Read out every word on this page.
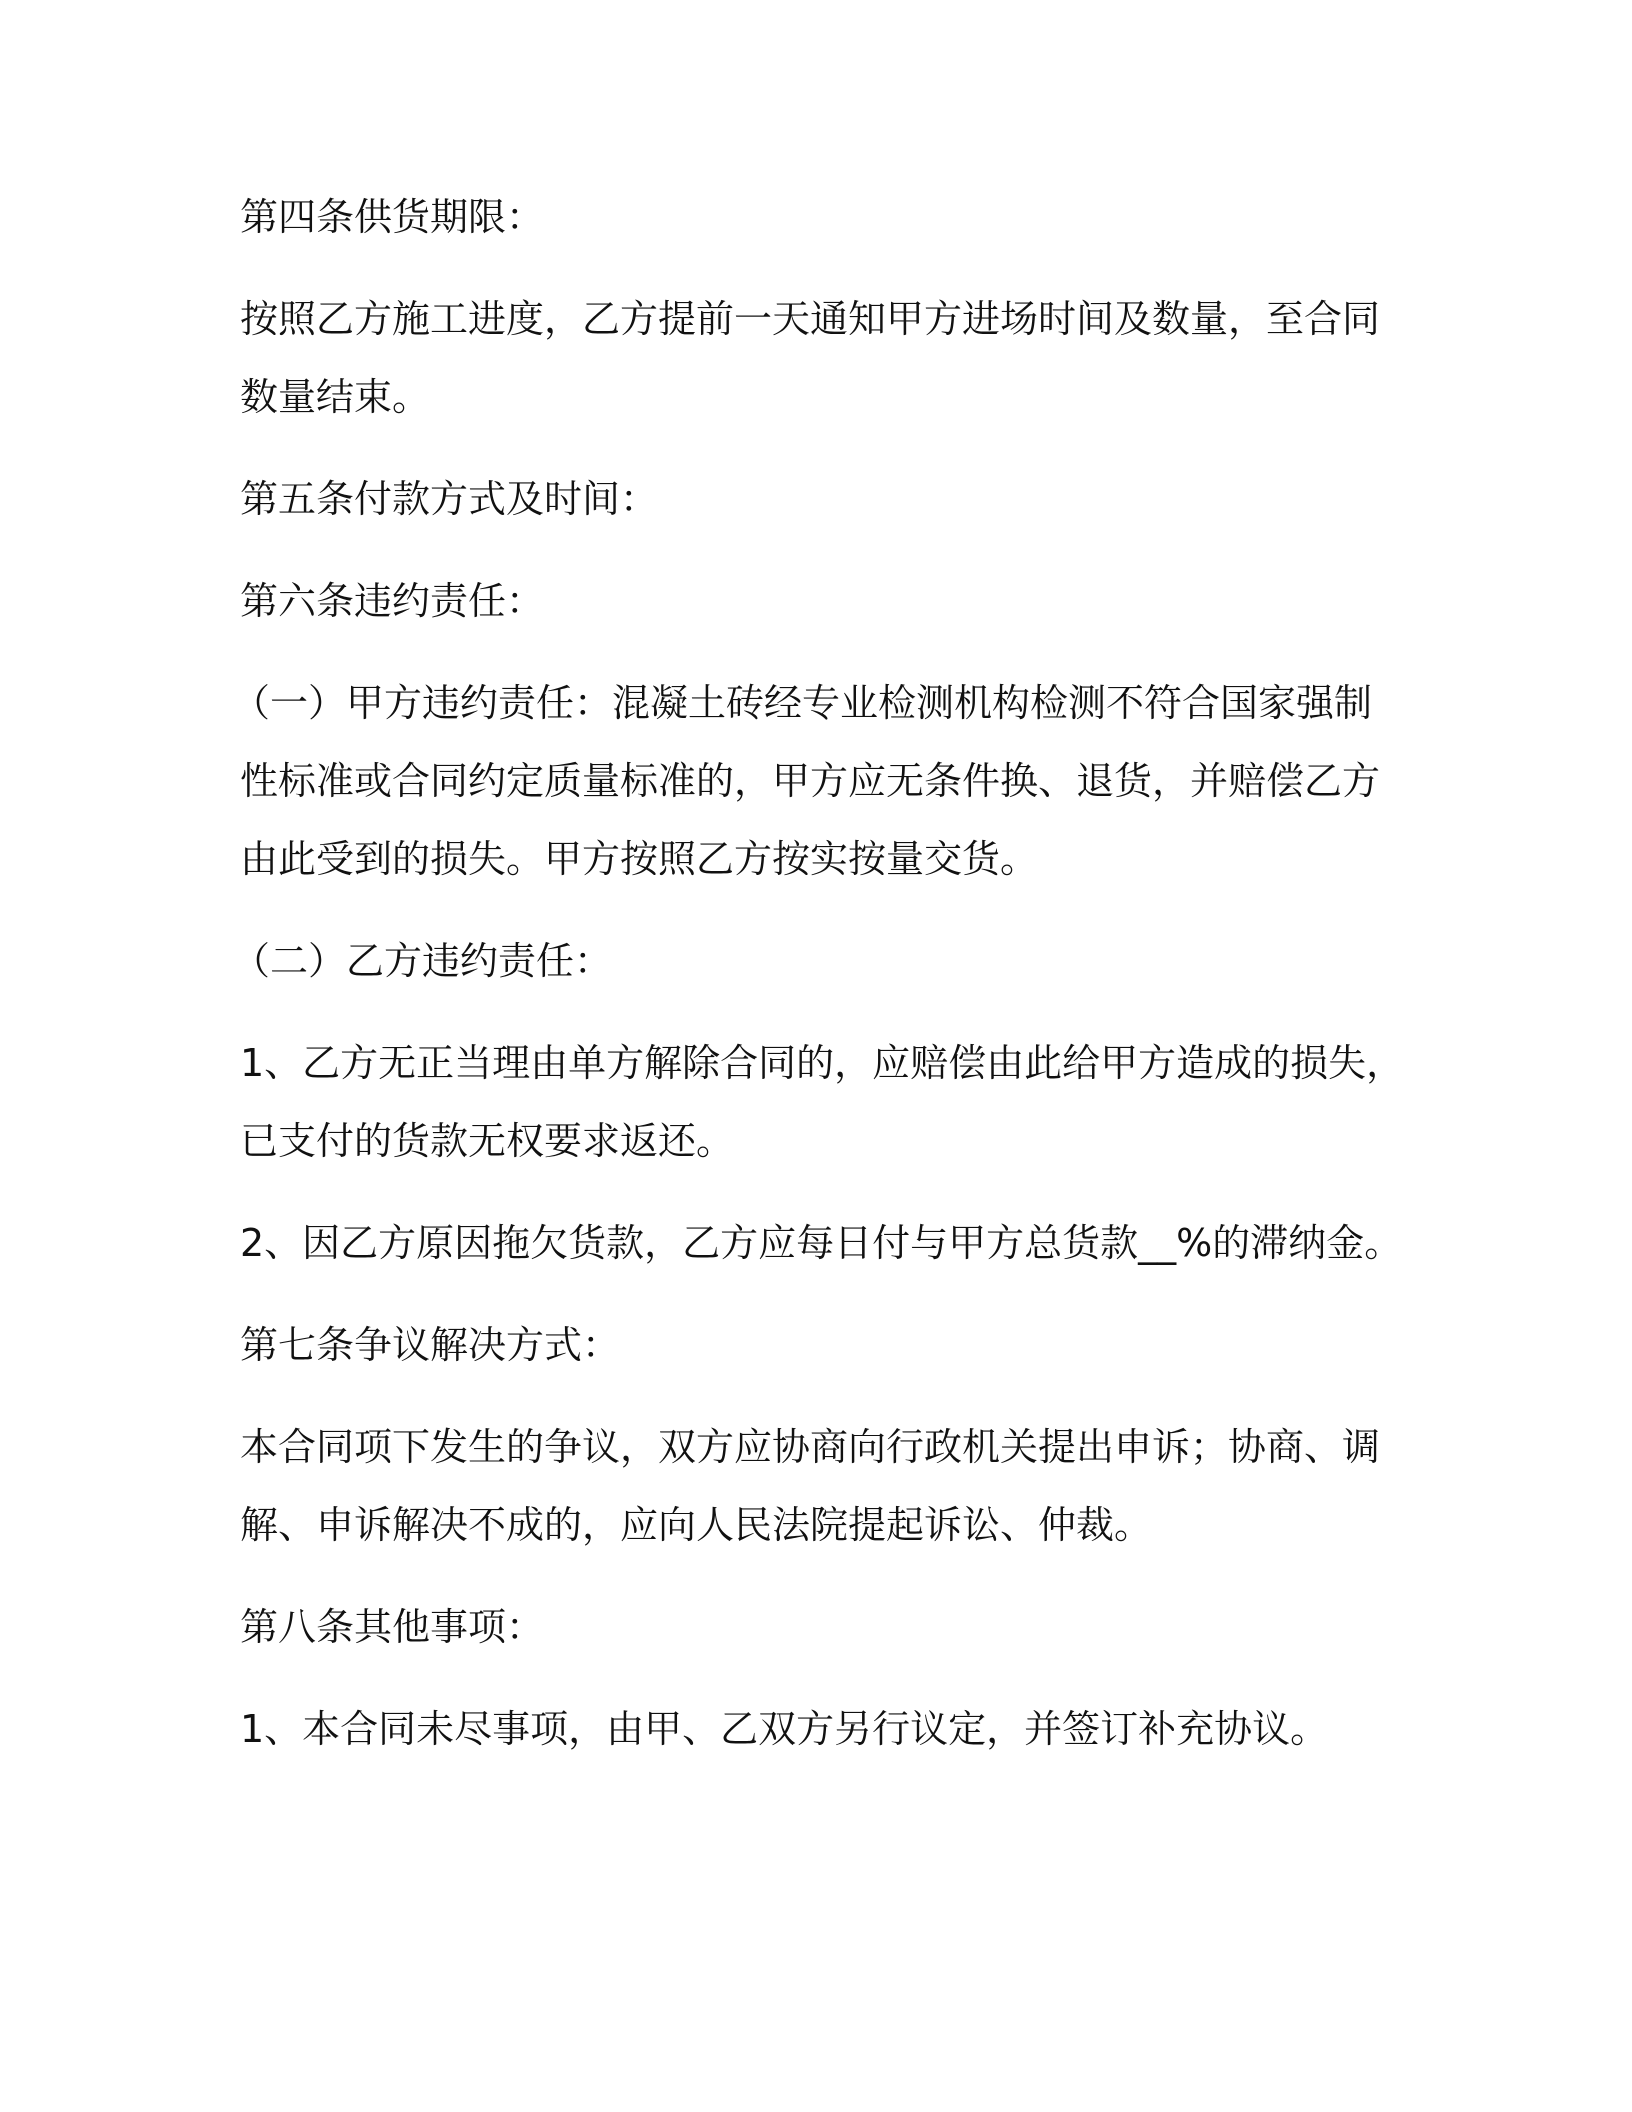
第四条供货期限：
按照乙方施工进度，乙方提前一天通知甲方进场时间及数量，至合同
数量结束。
第五条付款方式及时间：
第六条违约责任：
（一）甲方违约责任：混凝土砖经专业检测机构检测不符合国家强制
性标准或合同约定质量标准的，甲方应无条件换、退货，并赔偿乙方
由此受到的损失。甲方按照乙方按实按量交货。
（二）乙方违约责任：
1、乙方无正当理由单方解除合同的，应赔偿由此给甲方造成的损失，
已支付的货款无权要求返还。
2、因乙方原因拖欠货款，乙方应每日付与甲方总货款__%的滞纳金。
第七条争议解决方式：
本合同项下发生的争议，双方应协商向行政机关提出申诉；协商、调
解、申诉解决不成的，应向人民法院提起诉讼、仲裁。
第八条其他事项：
1、本合同未尽事项，由甲、乙双方另行议定，并签订补充协议。
